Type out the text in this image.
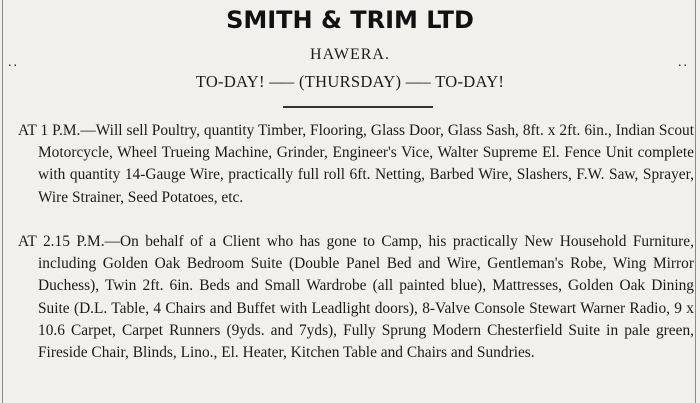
..	..
SMITH & TRIM LTD
HAWERA.
TO-DAY! —– (THURSDAY) —– TO-DAY!
AT 1 P.M.—Will sell Poultry, quantity Timber, Flooring, Glass Door, Glass Sash, 8ft. x 2ft. 6in., Indian Scout Motorcycle, Wheel Trueing Machine, Grinder, Engineer's Vice, Walter Supreme El. Fence Unit complete with quantity 14-Gauge Wire, practically full roll 6ft. Netting, Barbed Wire, Slashers, F.W. Saw, Sprayer, Wire Strainer, Seed Potatoes, etc.
AT 2.15 P.M.—On behalf of a Client who has gone to Camp, his practically New Household Furniture, including Golden Oak Bedroom Suite (Double Panel Bed and Wire, Gentleman's Robe, Wing Mirror Duchess), Twin 2ft. 6in. Beds and Small Wardrobe (all painted blue), Mattresses, Golden Oak Dining Suite (D.L. Table, 4 Chairs and Buffet with Leadlight doors), 8-Valve Console Stewart Warner Radio, 9 x 10.6 Carpet, Carpet Runners (9yds. and 7yds), Fully Sprung Modern Chesterfield Suite in pale green, Fireside Chair, Blinds, Lino., El. Heater, Kitchen Table and Chairs and Sundries.
